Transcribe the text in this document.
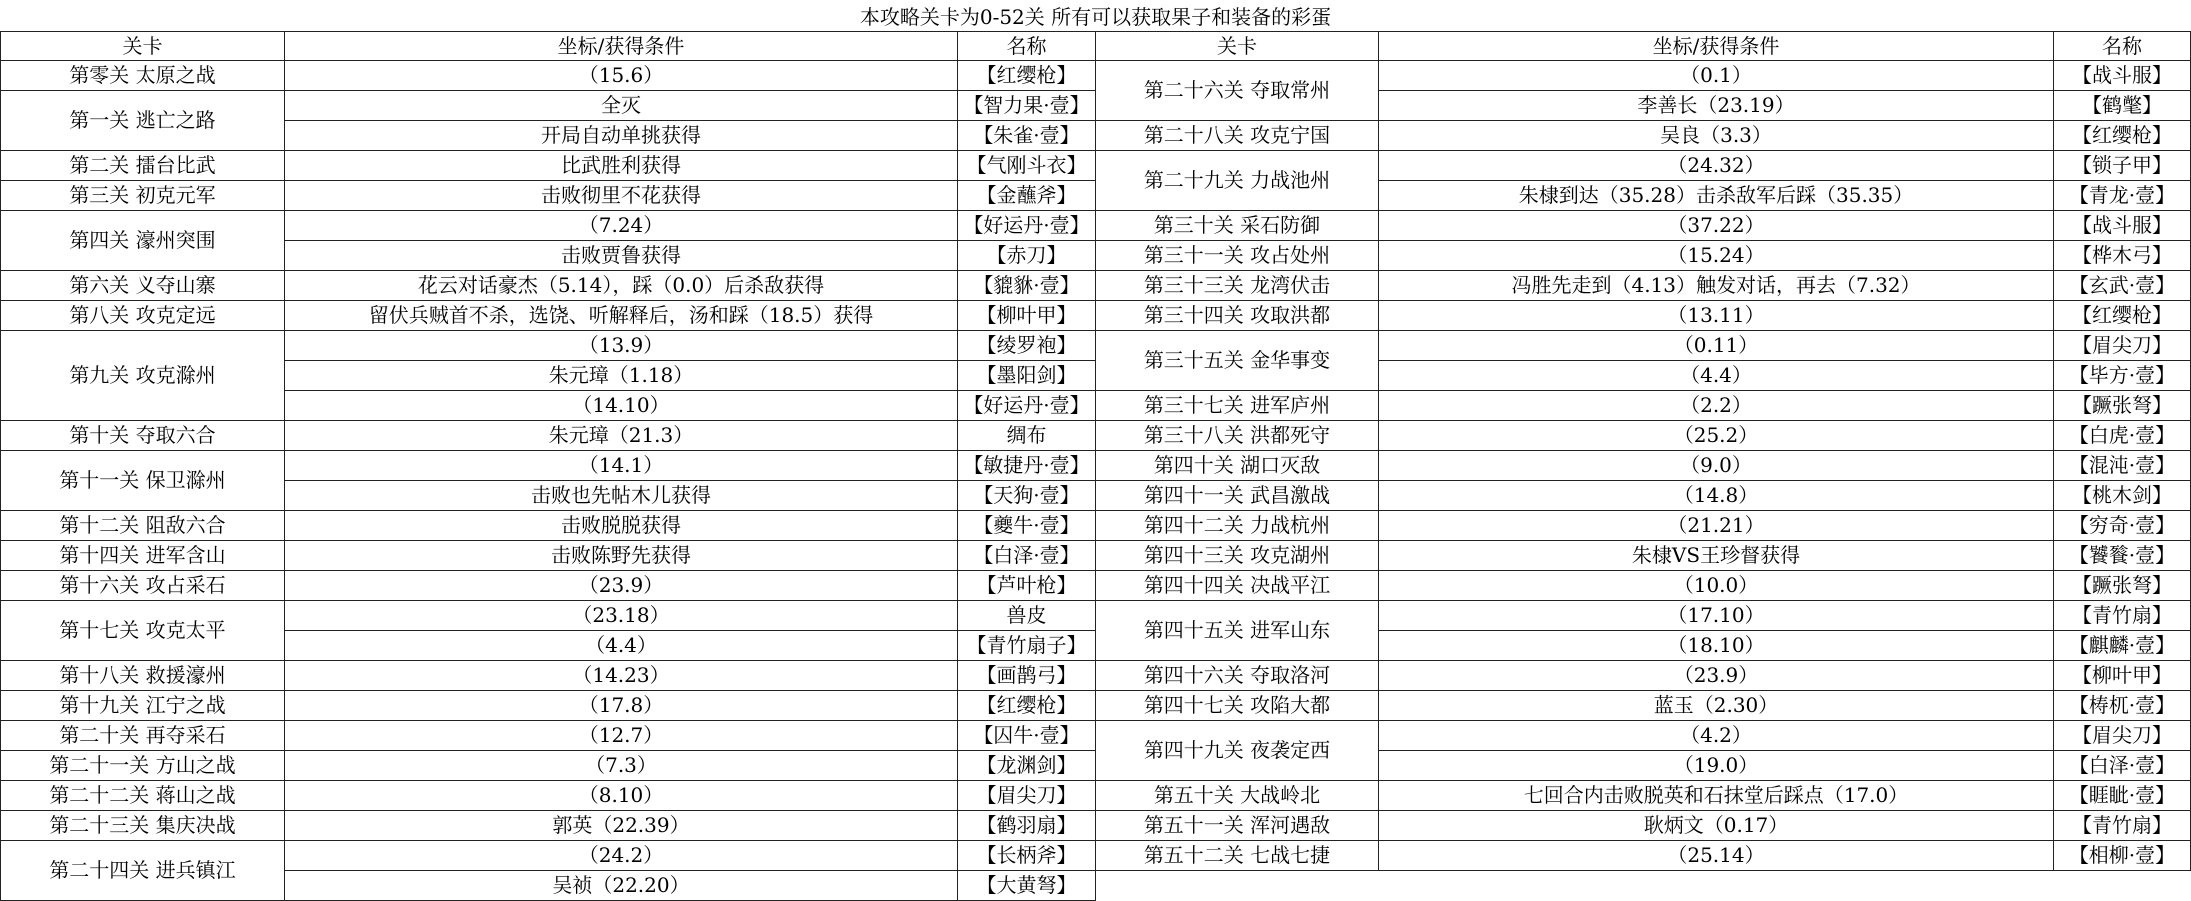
本攻略关卡为0-52关 所有可以获取果子和装备的彩蛋
关卡	坐标/获得条件	名称
第零关 太原之战	（15.6）	【红缨枪】
第一关 逃亡之路	全灭	【智力果·壹】
	开局自动单挑获得	【朱雀·壹】
第二关 擂台比武	比武胜利获得	【气刚斗衣】
第三关 初克元军	击败彻里不花获得	【金蘸斧】
第四关 濠州突围	（7.24）	【好运丹·壹】
	击败贾鲁获得	【赤刀】
第六关 义夺山寨	花云对话豪杰（5.14），踩（0.0）后杀敌获得	【貔貅·壹】
第八关 攻克定远	留伏兵贼首不杀，选饶、听解释后，汤和踩（18.5）获得	【柳叶甲】
第九关 攻克滁州	（13.9）	【绫罗袍】
	朱元璋（1.18）	【墨阳剑】
	（14.10）	【好运丹·壹】
第十关 夺取六合	朱元璋（21.3）	绸布
第十一关 保卫滁州	（14.1）	【敏捷丹·壹】
	击败也先帖木儿获得	【天狗·壹】
第十二关 阻敌六合	击败脱脱获得	【夔牛·壹】
第十四关 进军含山	击败陈野先获得	【白泽·壹】
第十六关 攻占采石	（23.9）	【芦叶枪】
第十七关 攻克太平	（23.18）	兽皮
	（4.4）	【青竹扇子】
第十八关 救援濠州	（14.23）	【画鹊弓】
第十九关 江宁之战	（17.8）	【红缨枪】
第二十关 再夺采石	（12.7）	【囚牛·壹】
第二十一关 方山之战	（7.3）	【龙渊剑】
第二十二关 蒋山之战	（8.10）	【眉尖刀】
第二十三关 集庆决战	郭英（22.39）	【鹤羽扇】
第二十四关 进兵镇江	（24.2）	【长柄斧】
	吴祯（22.20）	【大黄弩】
关卡	坐标/获得条件	名称
第二十六关 夺取常州	（0.1）	【战斗服】
	李善长（23.19）	【鹤氅】
第二十八关 攻克宁国	吴良（3.3）	【红缨枪】
第二十九关 力战池州	（24.32）	【锁子甲】
	朱棣到达（35.28）击杀敌军后踩（35.35）	【青龙·壹】
第三十关 采石防御	（37.22）	【战斗服】
第三十一关 攻占处州	（15.24）	【桦木弓】
第三十三关 龙湾伏击	冯胜先走到（4.13）触发对话，再去（7.32）	【玄武·壹】
第三十四关 攻取洪都	（13.11）	【红缨枪】
第三十五关 金华事变	（0.11）	【眉尖刀】
	（4.4）	【毕方·壹】
第三十七关 进军庐州	（2.2）	【蹶张弩】
第三十八关 洪都死守	（25.2）	【白虎·壹】
第四十关 湖口灭敌	（9.0）	【混沌·壹】
第四十一关 武昌激战	（14.8）	【桃木剑】
第四十二关 力战杭州	（21.21）	【穷奇·壹】
第四十三关 攻克湖州	朱棣VS王珍督获得	【饕餮·壹】
第四十四关 决战平江	（10.0）	【蹶张弩】
第四十五关 进军山东	（17.10）	【青竹扇】
	（18.10）	【麒麟·壹】
第四十六关 夺取洛河	（23.9）	【柳叶甲】
第四十七关 攻陷大都	蓝玉（2.30）	【梼杌·壹】
第四十九关 夜袭定西	（4.2）	【眉尖刀】
	（19.0）	【白泽·壹】
第五十关 大战岭北	七回合内击败脱英和石抹堂后踩点（17.0）	【睚眦·壹】
第五十一关 浑河遇敌	耿炳文（0.17）	【青竹扇】
第五十二关 七战七捷	（25.14）	【相柳·壹】
